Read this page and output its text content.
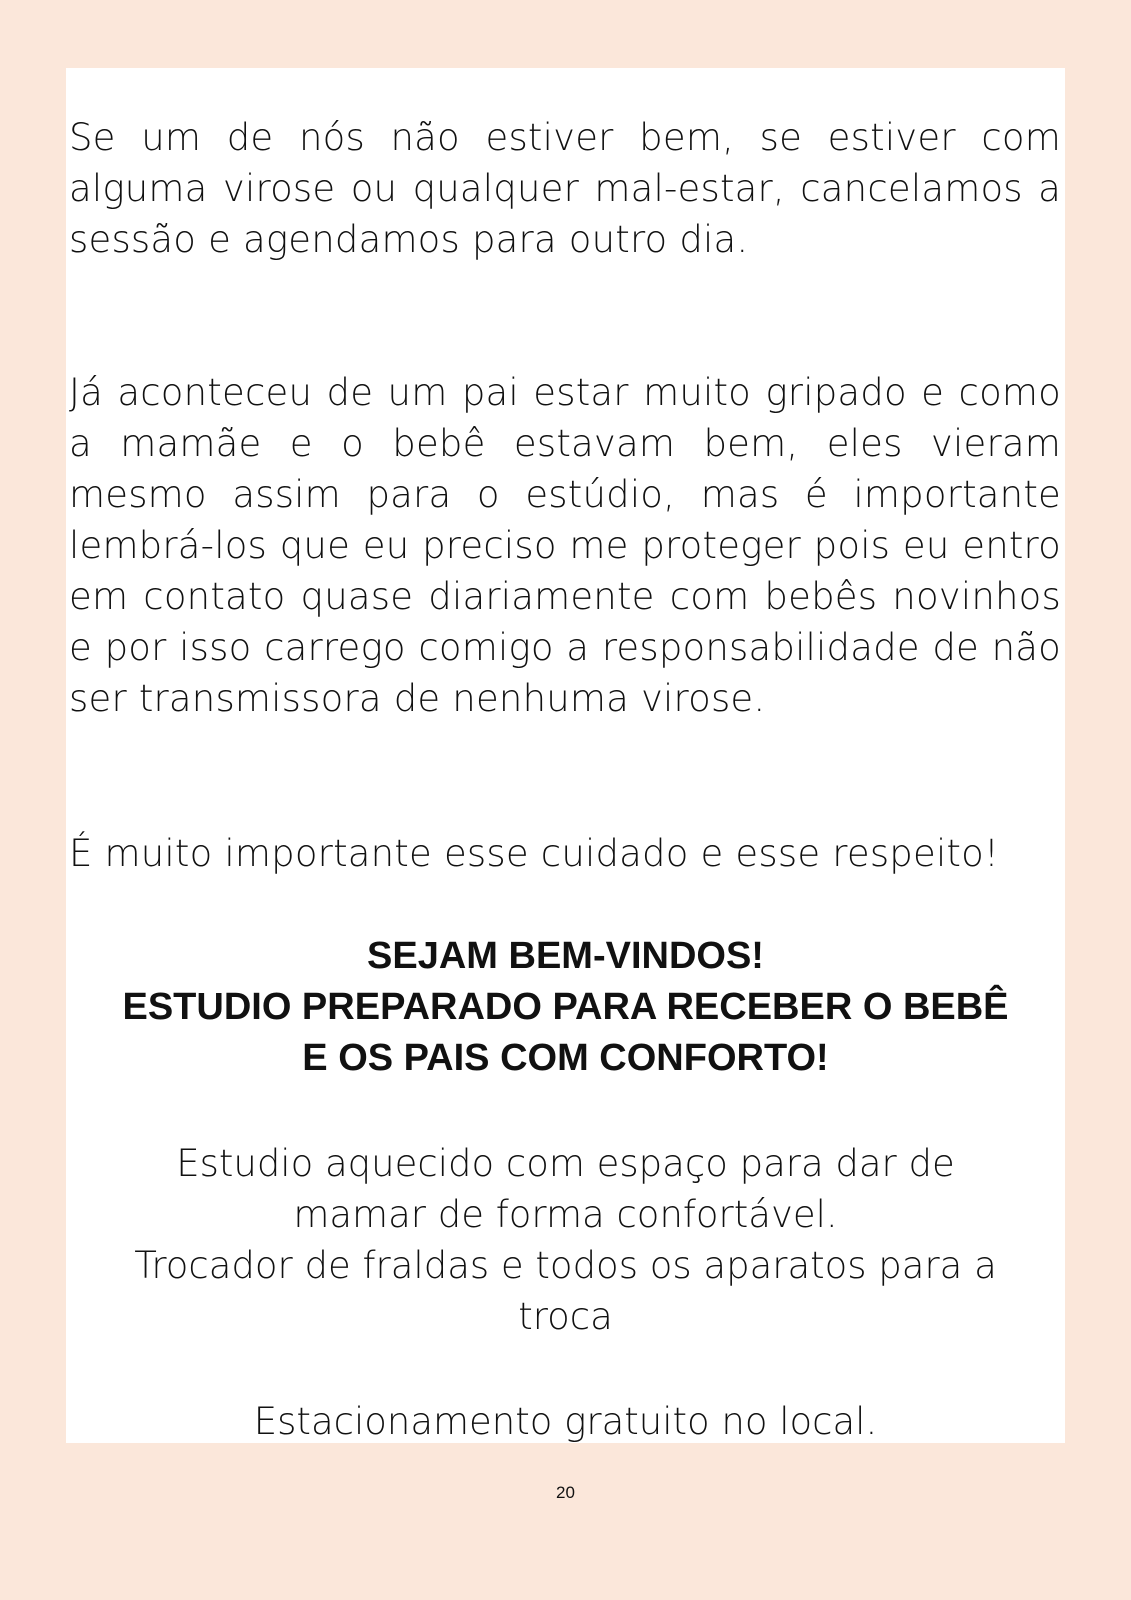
Se um de nós não estiver bem, se estiver com alguma virose ou qualquer mal-estar, cancelamos a sessão e agendamos para outro dia.

Já aconteceu de um pai estar muito gripado e como a mamãe e o bebê estavam bem, eles vieram mesmo assim para o estúdio, mas é importante lembrá-los que eu preciso me proteger pois eu entro em contato quase diariamente com bebês novinhos e por isso carrego comigo a responsabilidade de não ser transmissora de nenhuma virose.

É muito importante esse cuidado e esse respeito!

SEJAM BEM-VINDOS!
ESTUDIO PREPARADO PARA RECEBER O BEBÊ
E OS PAIS COM CONFORTO!
Estudio aquecido com espaço para dar de
mamar de forma confortável.
Trocador de fraldas e todos os aparatos para a
troca
Estacionamento gratuito no local.
20
